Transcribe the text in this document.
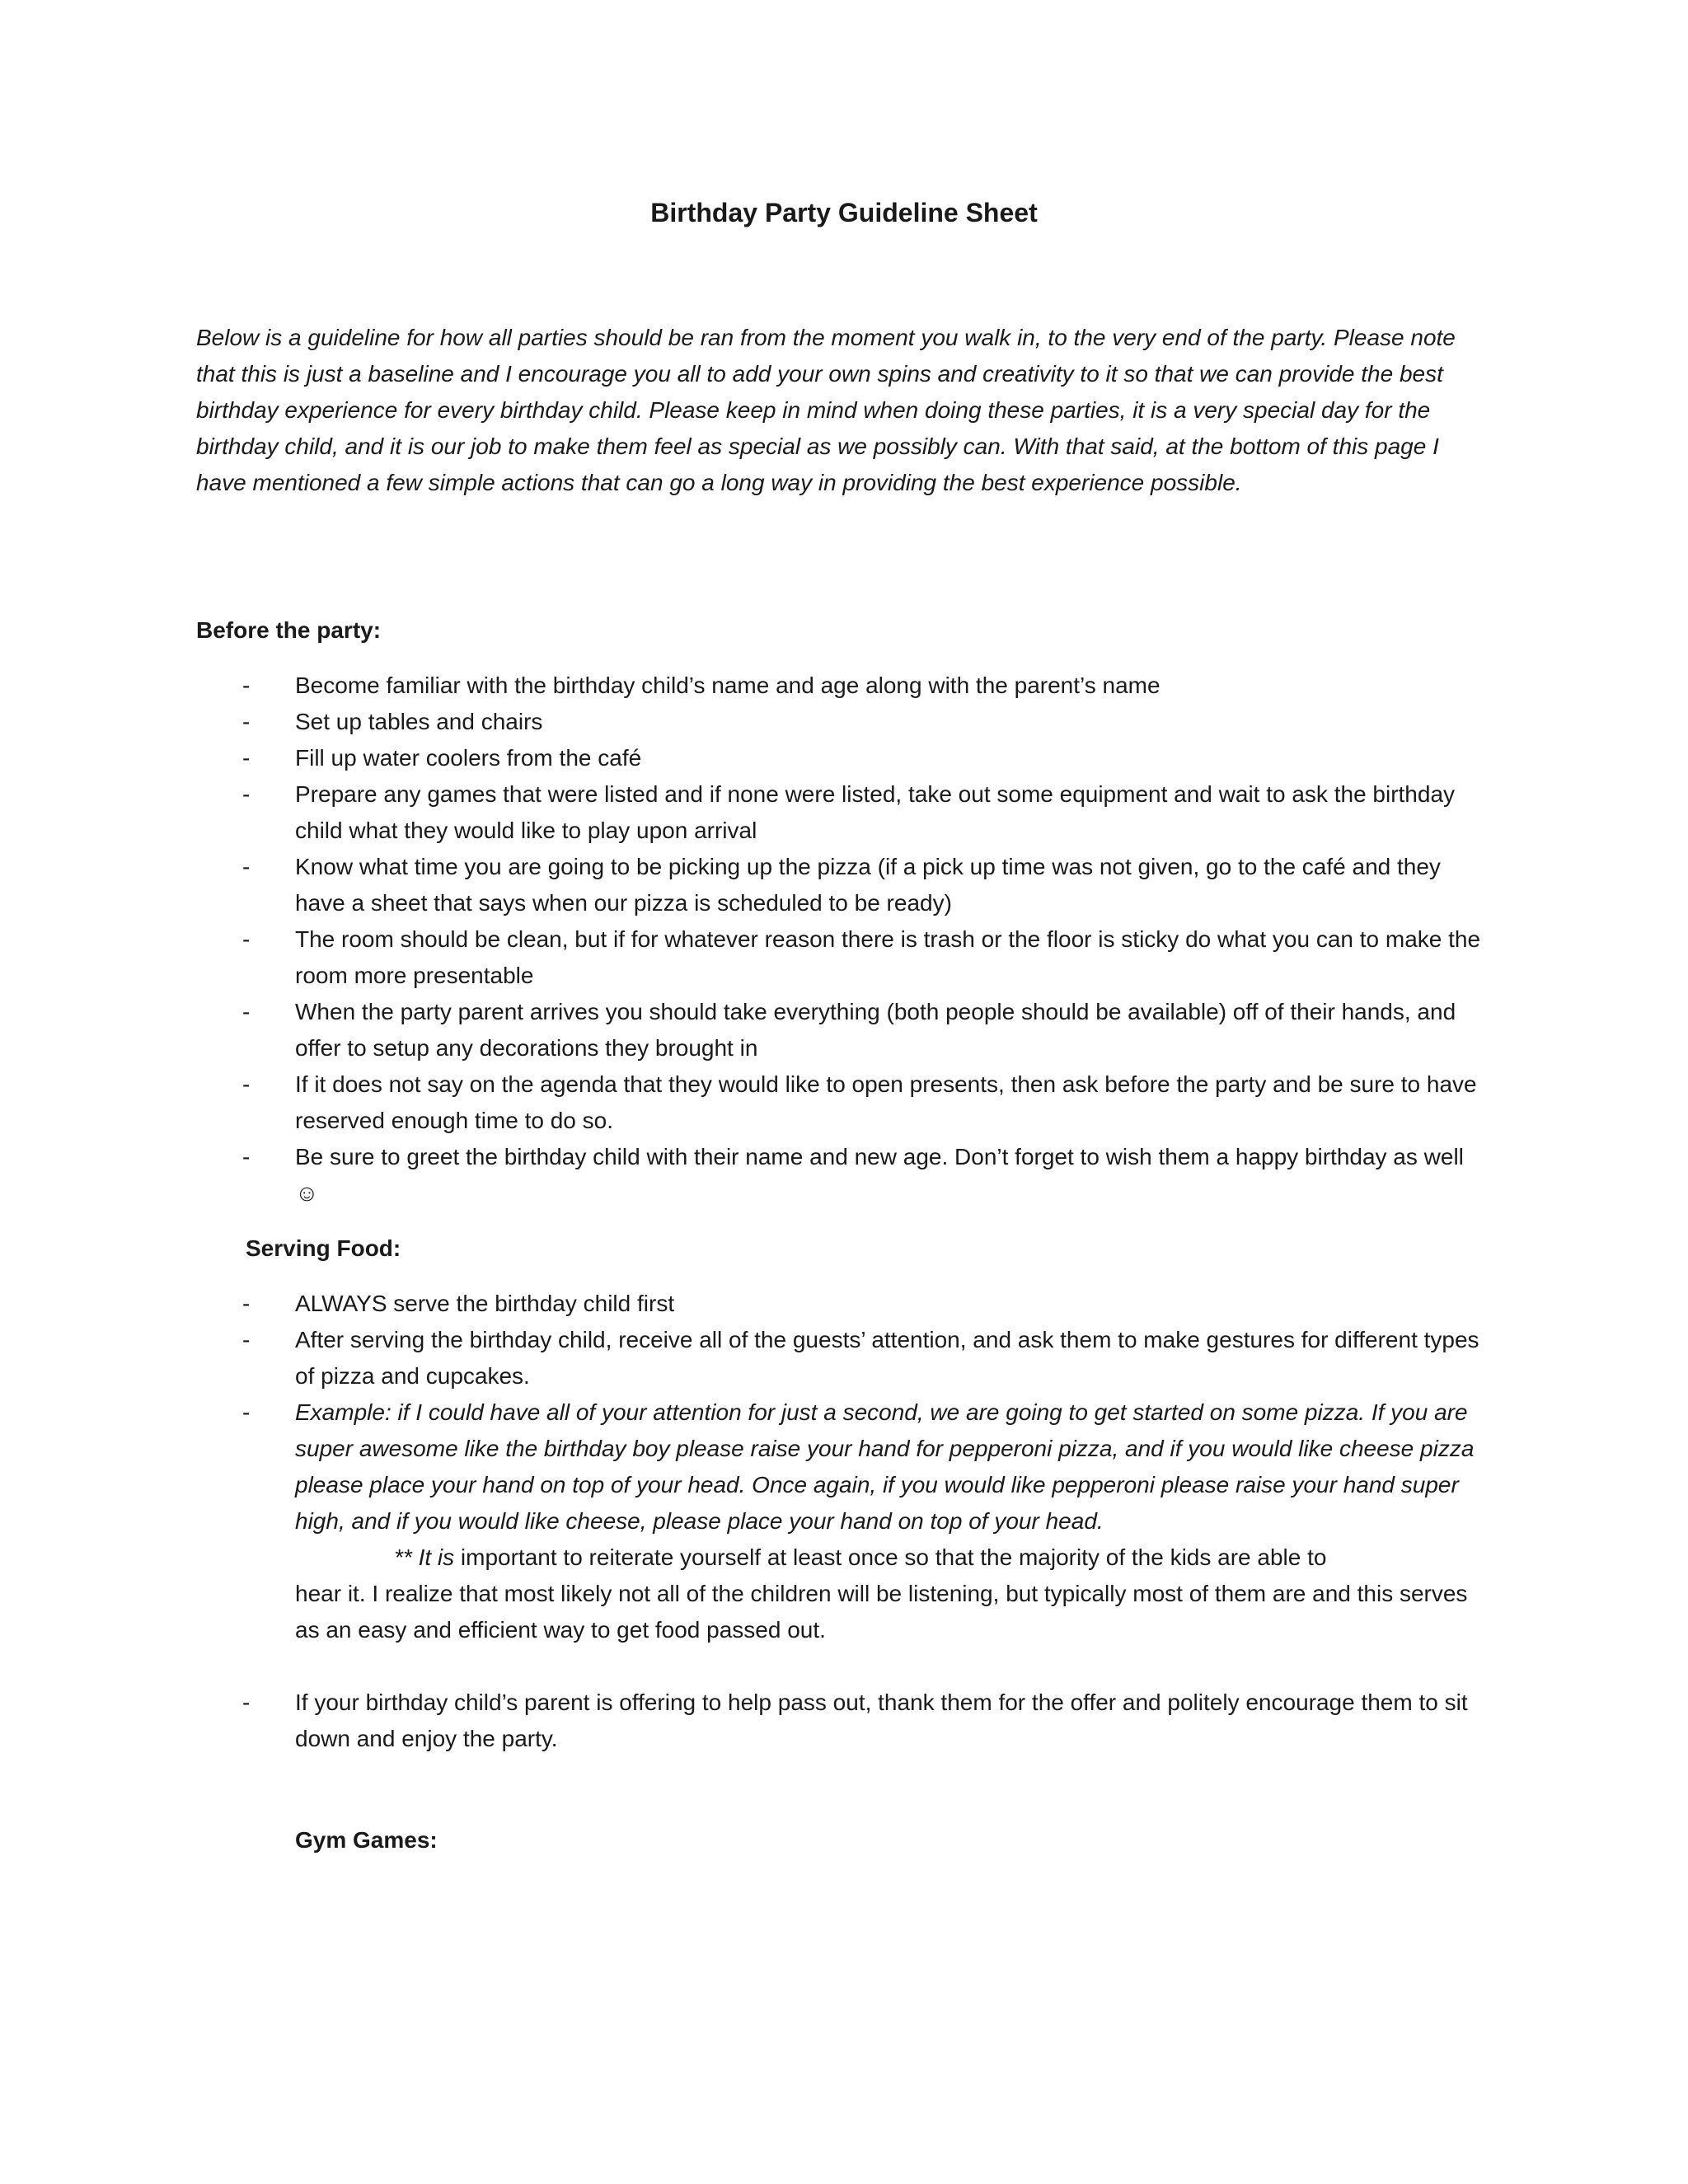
Birthday Party Guideline Sheet

Below is a guideline for how all parties should be ran from the moment you walk in, to the very end of the party. Please note that this is just a baseline and I encourage you all to add your own spins and creativity to it so that we can provide the best birthday experience for every birthday child. Please keep in mind when doing these parties, it is a very special day for the birthday child, and it is our job to make them feel as special as we possibly can. With that said, at the bottom of this page I have mentioned a few simple actions that can go a long way in providing the best experience possible.

Before the party:
- Become familiar with the birthday child’s name and age along with the parent’s name
- Set up tables and chairs
- Fill up water coolers from the café
- Prepare any games that were listed and if none were listed, take out some equipment and wait to ask the birthday child what they would like to play upon arrival
- Know what time you are going to be picking up the pizza (if a pick up time was not given, go to the café and they have a sheet that says when our pizza is scheduled to be ready)
- The room should be clean, but if for whatever reason there is trash or the floor is sticky do what you can to make the room more presentable
- When the party parent arrives you should take everything (both people should be available) off of their hands, and offer to setup any decorations they brought in
- If it does not say on the agenda that they would like to open presents, then ask before the party and be sure to have reserved enough time to do so.
- Be sure to greet the birthday child with their name and new age. Don’t forget to wish them a happy birthday as well ☺
Serving Food:
- ALWAYS serve the birthday child first
- After serving the birthday child, receive all of the guests’ attention, and ask them to make gestures for different types of pizza and cupcakes.
- Example: if I could have all of your attention for just a second, we are going to get started on some pizza. If you are super awesome like the birthday boy please raise your hand for pepperoni pizza, and if you would like cheese pizza please place your hand on top of your head. Once again, if you would like pepperoni please raise your hand super high, and if you would like cheese, please place your hand on top of your head.
** It is important to reiterate yourself at least once so that the majority of the kids are able to
hear it. I realize that most likely not all of the children will be listening, but typically most of them are and this serves as an easy and efficient way to get food passed out.
- If your birthday child’s parent is offering to help pass out, thank them for the offer and politely encourage them to sit down and enjoy the party.
Gym Games:
